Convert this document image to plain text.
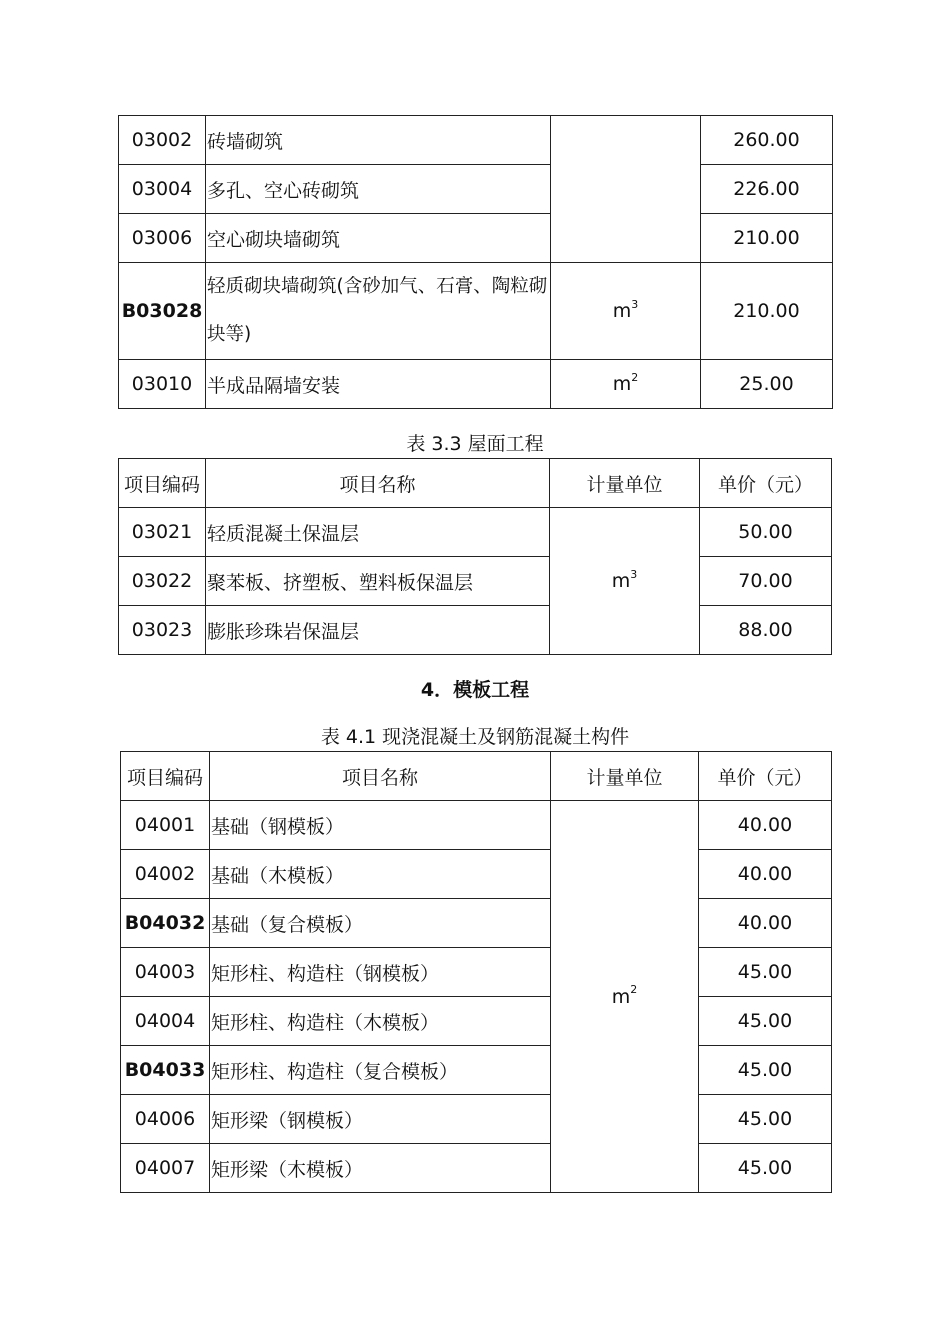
03002	砖墙砌筑		260.00
03004	多孔、空心砖砌筑		226.00
03006	空心砌块墙砌筑		210.00
B03028	轻质砌块墙砌筑(含砂加气、石膏、陶粒砌块等)	$m^3$	210.00
03010	半成品隔墙安装	$m^2$	25.00
表 3.3 屋面工程
项目编码	项目名称	计量单位	单价（元）
03021	轻质混凝土保温层	$m^3$	50.00
03022	聚苯板、挤塑板、塑料板保温层		70.00
03023	膨胀珍珠岩保温层		88.00
4．模板工程
表 4.1 现浇混凝土及钢筋混凝土构件
项目编码	项目名称	计量单位	单价（元）
04001	基础（钢模板）	$m^2$	40.00
04002	基础（木模板）		40.00
B04032	基础（复合模板）		40.00
04003	矩形柱、构造柱（钢模板）		45.00
04004	矩形柱、构造柱（木模板）		45.00
B04033	矩形柱、构造柱（复合模板）		45.00
04006	矩形梁（钢模板）		45.00
04007	矩形梁（木模板）		45.00
